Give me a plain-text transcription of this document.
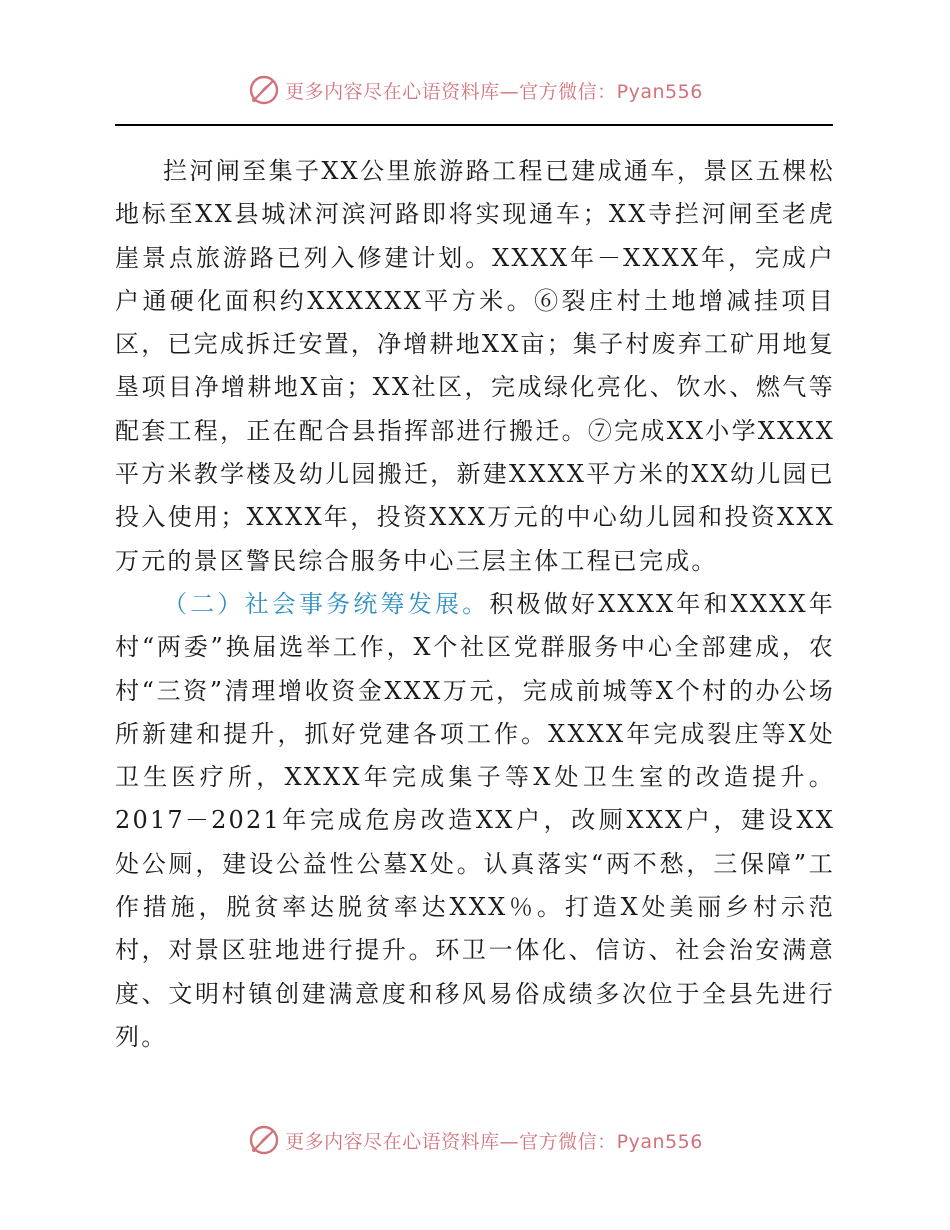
更多内容尽在心语资料库—官方微信：Pyan556

拦河闸至集子XX公里旅游路工程已建成通车，景区五棵松地标至XX县城沭河滨河路即将实现通车；XX寺拦河闸至老虎崖景点旅游路已列入修建计划。XXXX年－XXXX年，完成户户通硬化面积约XXXXXX平方米。⑥裂庄村土地增减挂项目区，已完成拆迁安置，净增耕地XX亩；集子村废弃工矿用地复垦项目净增耕地X亩；XX社区，完成绿化亮化、饮水、燃气等配套工程，正在配合县指挥部进行搬迁。⑦完成XX小学XXXX平方米教学楼及幼儿园搬迁，新建XXXX平方米的XX幼儿园已投入使用；XXXX年，投资XXX万元的中心幼儿园和投资XXX万元的景区警民综合服务中心三层主体工程已完成。

（二）社会事务统筹发展。积极做好XXXX年和XXXX年村“两委”换届选举工作，X个社区党群服务中心全部建成，农村“三资”清理增收资金XXX万元，完成前城等X个村的办公场所新建和提升，抓好党建各项工作。XXXX年完成裂庄等X处卫生医疗所，XXXX年完成集子等X处卫生室的改造提升。2017－2021年完成危房改造XX户，改厕XXX户，建设XX处公厕，建设公益性公墓X处。认真落实“两不愁，三保障”工作措施，脱贫率达脱贫率达XXX％。打造X处美丽乡村示范村，对景区驻地进行提升。环卫一体化、信访、社会治安满意度、文明村镇创建满意度和移风易俗成绩多次位于全县先进行列。

更多内容尽在心语资料库—官方微信：Pyan556
